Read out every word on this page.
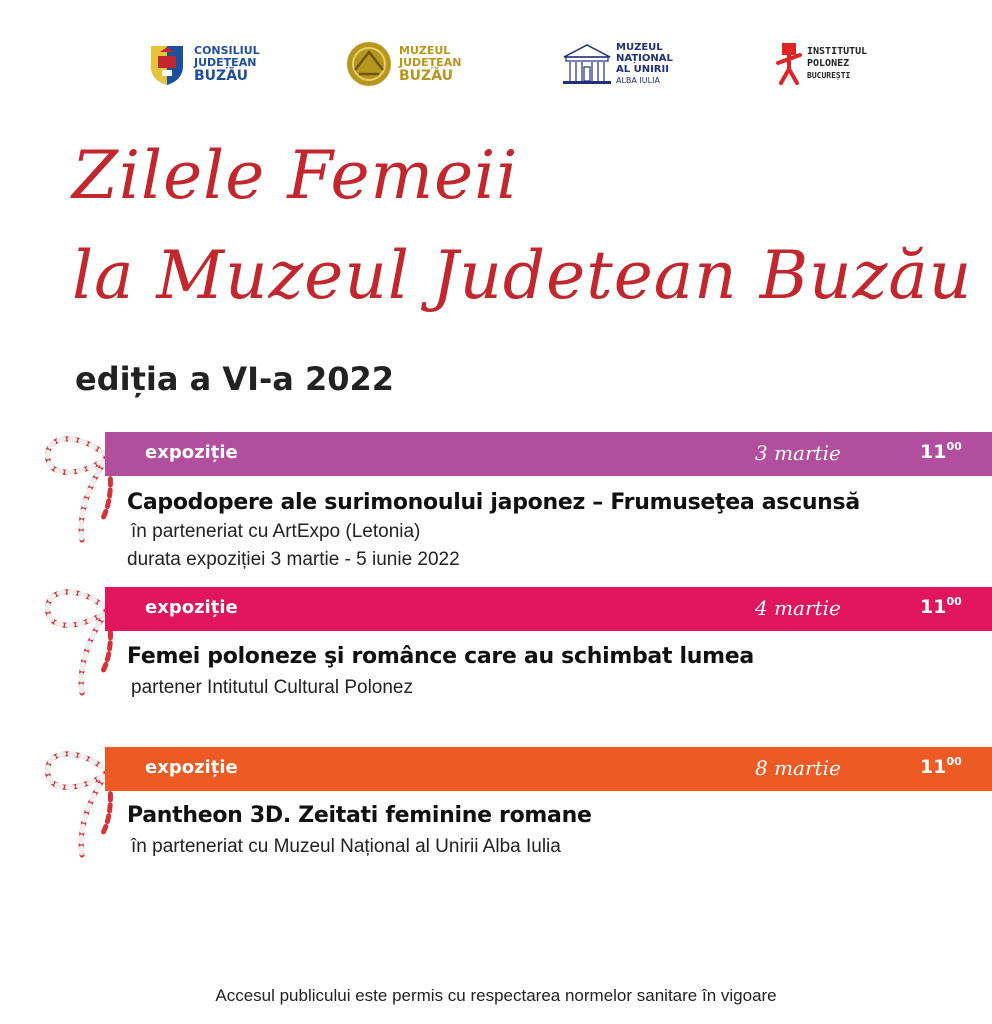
CONSILIUL
JUDEȚEAN
BUZĂU
MUZEUL
JUDEȚEAN
BUZĂU
MUZEUL
NAȚIONAL
AL UNIRII
ALBA IULIA
INSTITUTUL
POLONEZ
BUCUREȘTI
Zilele Femeii
la Muzeul Judetean Buzău
ediția a VI-a 2022
expoziție	3 martie	$11^{00}$
Capodopere ale surimonoului japonez – Frumuseţea ascunsă
în parteneriat cu ArtExpo (Letonia)
durata expoziției 3 martie - 5 iunie 2022
expoziție	4 martie	$11^{00}$
Femei poloneze şi românce care au schimbat lumea
partener Intitutul Cultural Polonez
expoziție	8 martie	$11^{00}$
Pantheon 3D. Zeitati feminine romane
în parteneriat cu Muzeul Național al Unirii Alba Iulia
Accesul publicului este permis cu respectarea normelor sanitare în vigoare
